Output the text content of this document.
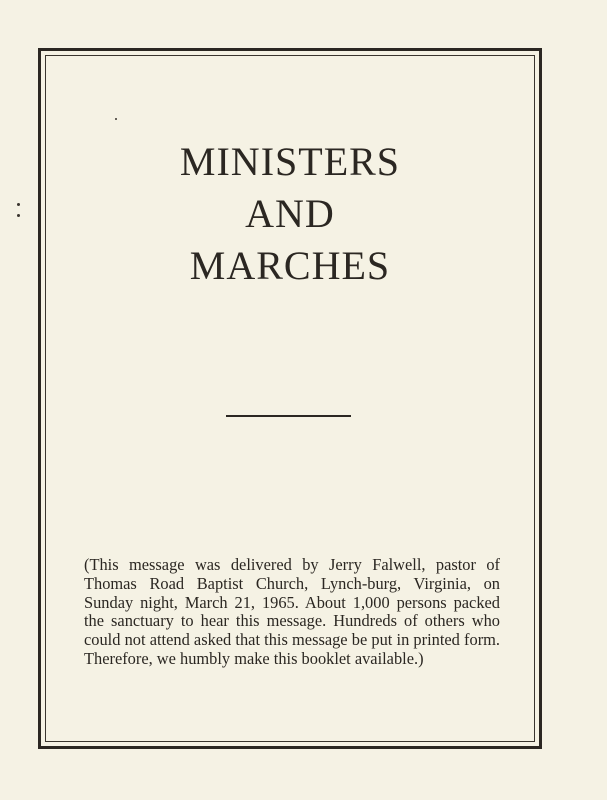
MINISTERS
AND
MARCHES

(This message was delivered by Jerry Falwell, pastor of Thomas Road Baptist Church, Lynch-burg, Virginia, on Sunday night, March 21, 1965. About 1,000 persons packed the sanctuary to hear this message. Hundreds of others who could not attend asked that this message be put in printed form. Therefore, we humbly make this booklet available.)
